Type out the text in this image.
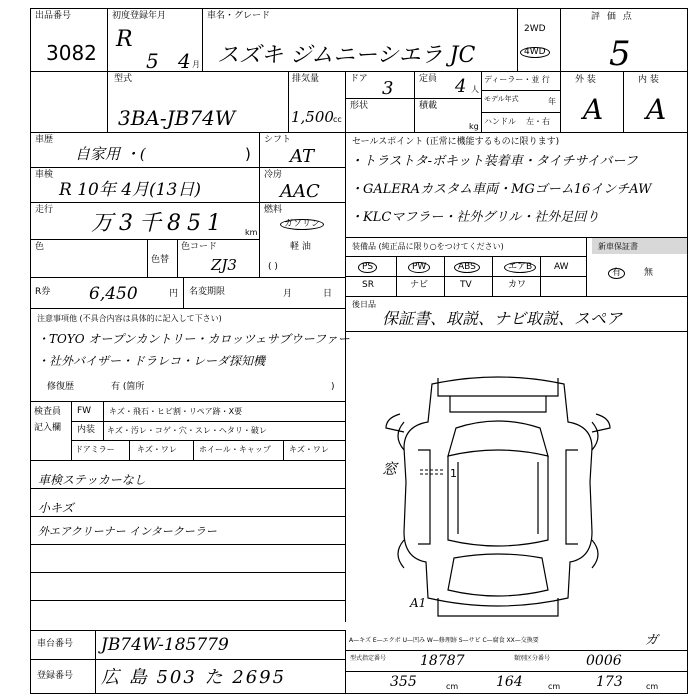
出品番号
3082
初度登録年月
R
5 4 月
車名・グレード
スズキ ジムニーシエラ JC
2WD
4WD
評 価 点
5
型式
3BA-JB74W
排気量
1,500 cc
ドア 3	定員 4 人
形状	積載
kg
ディーラー・並 行
モデル年式	年
ハンドル 左・右
外 装
A
内 装
A
車歴
自家用 ・(	)
シフト
AT
車検
R 10年 4月(13日)
冷房
AAC
走行
万3千851 km
燃料
ガソリン
軽 油
( )
色
色替
色コード
ZJ3
R券 6,450	円 名変期限	月	日
セールスポイント (正常に機能するものに限ります)
・トラストタ-ボキット装着車・タイチサイバーフ
・GALERAカスタム車両・MGゴーム16インチAW
・KLCマフラー・社外グリル・社外足回り
装備品 (純正品に限り○をつけてください)	新車保証書
PS	PW	ABS	エアB	AW
SR	ナビ	TV	カワ
有	無
後日品
保証書、取説、ナビ取説、スペア
注意事項他 (不具合内容は具体的に記入して下さい)
・TOYO オープンカントリー・カロッツェサブウーファー
・社外バイザー・ドラレコ・レーダ探知機
修復歴	有 (箇所	)
検査員
記入欄
FW キズ・飛石・ヒビ割・リペア跡・X要
内装 キズ・汚レ・コゲ・穴・スレ・ヘタリ・破レ
ドアミラー	キズ・ワレ	ホイール・キャップ キズ・ワレ
車検ステッカーなし
小キズ
外エアクリーナー インタークーラー
窓	1
A1
A—キズ E—エクボ U—凹み W—修理跡 S—サビ C—腐食 XX—交換要	ガ
車台番号 JB74W-185779
登録番号 広 島 503 た 2695
型式指定番号 18787	類別区分番号	0006
355	cm	164	cm	173	cm
